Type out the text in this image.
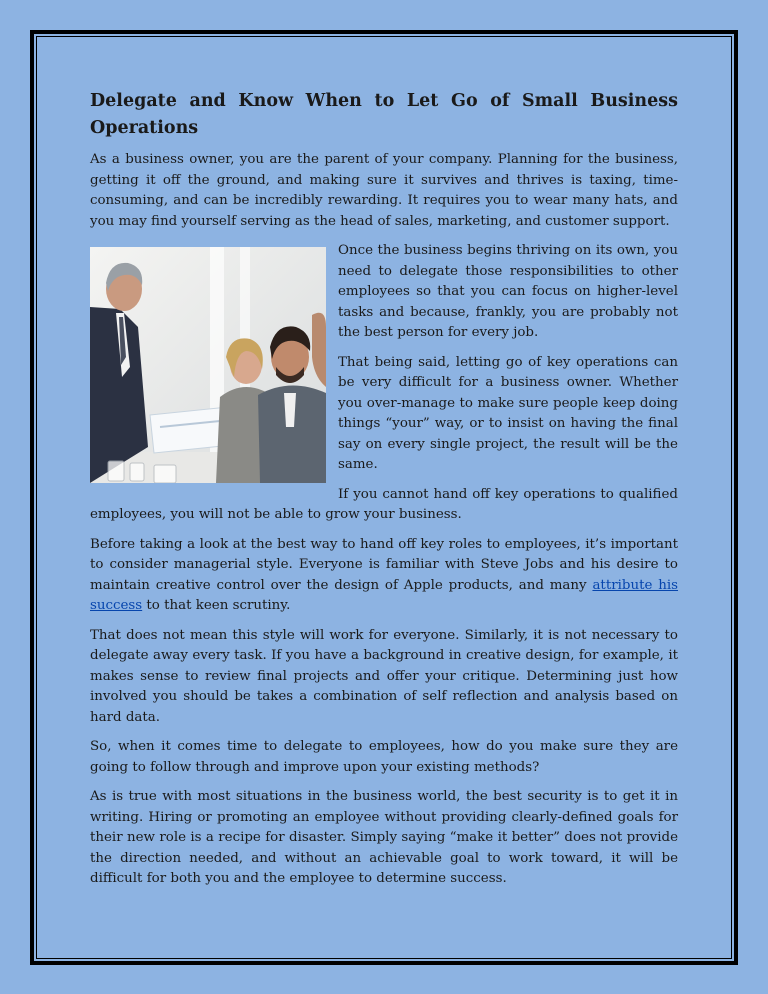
Delegate and Know When to Let Go of Small Business Operations

As a business owner, you are the parent of your company. Planning for the business, getting it off the ground, and making sure it survives and thrives is taxing, time-consuming, and can be incredibly rewarding. It requires you to wear many hats, and you may find yourself serving as the head of sales, marketing, and customer support.

Once the business begins thriving on its own, you need to delegate those responsibilities to other employees so that you can focus on higher-level tasks and because, frankly, you are probably not the best person for every job.

That being said, letting go of key operations can be very difficult for a business owner. Whether you over-manage to make sure people keep doing things “your” way, or to insist on having the final say on every single project, the result will be the same.

If you cannot hand off key operations to qualified employees, you will not be able to grow your business.

Before taking a look at the best way to hand off key roles to employees, it’s important to consider managerial style. Everyone is familiar with Steve Jobs and his desire to maintain creative control over the design of Apple products, and many attribute his success to that keen scrutiny.

That does not mean this style will work for everyone. Similarly, it is not necessary to delegate away every task. If you have a background in creative design, for example, it makes sense to review final projects and offer your critique. Determining just how involved you should be takes a combination of self reflection and analysis based on hard data.

So, when it comes time to delegate to employees, how do you make sure they are going to follow through and improve upon your existing methods?

As is true with most situations in the business world, the best security is to get it in writing. Hiring or promoting an employee without providing clearly-defined goals for their new role is a recipe for disaster. Simply saying “make it better” does not provide the direction needed, and without an achievable goal to work toward, it will be difficult for both you and the employee to determine success.
